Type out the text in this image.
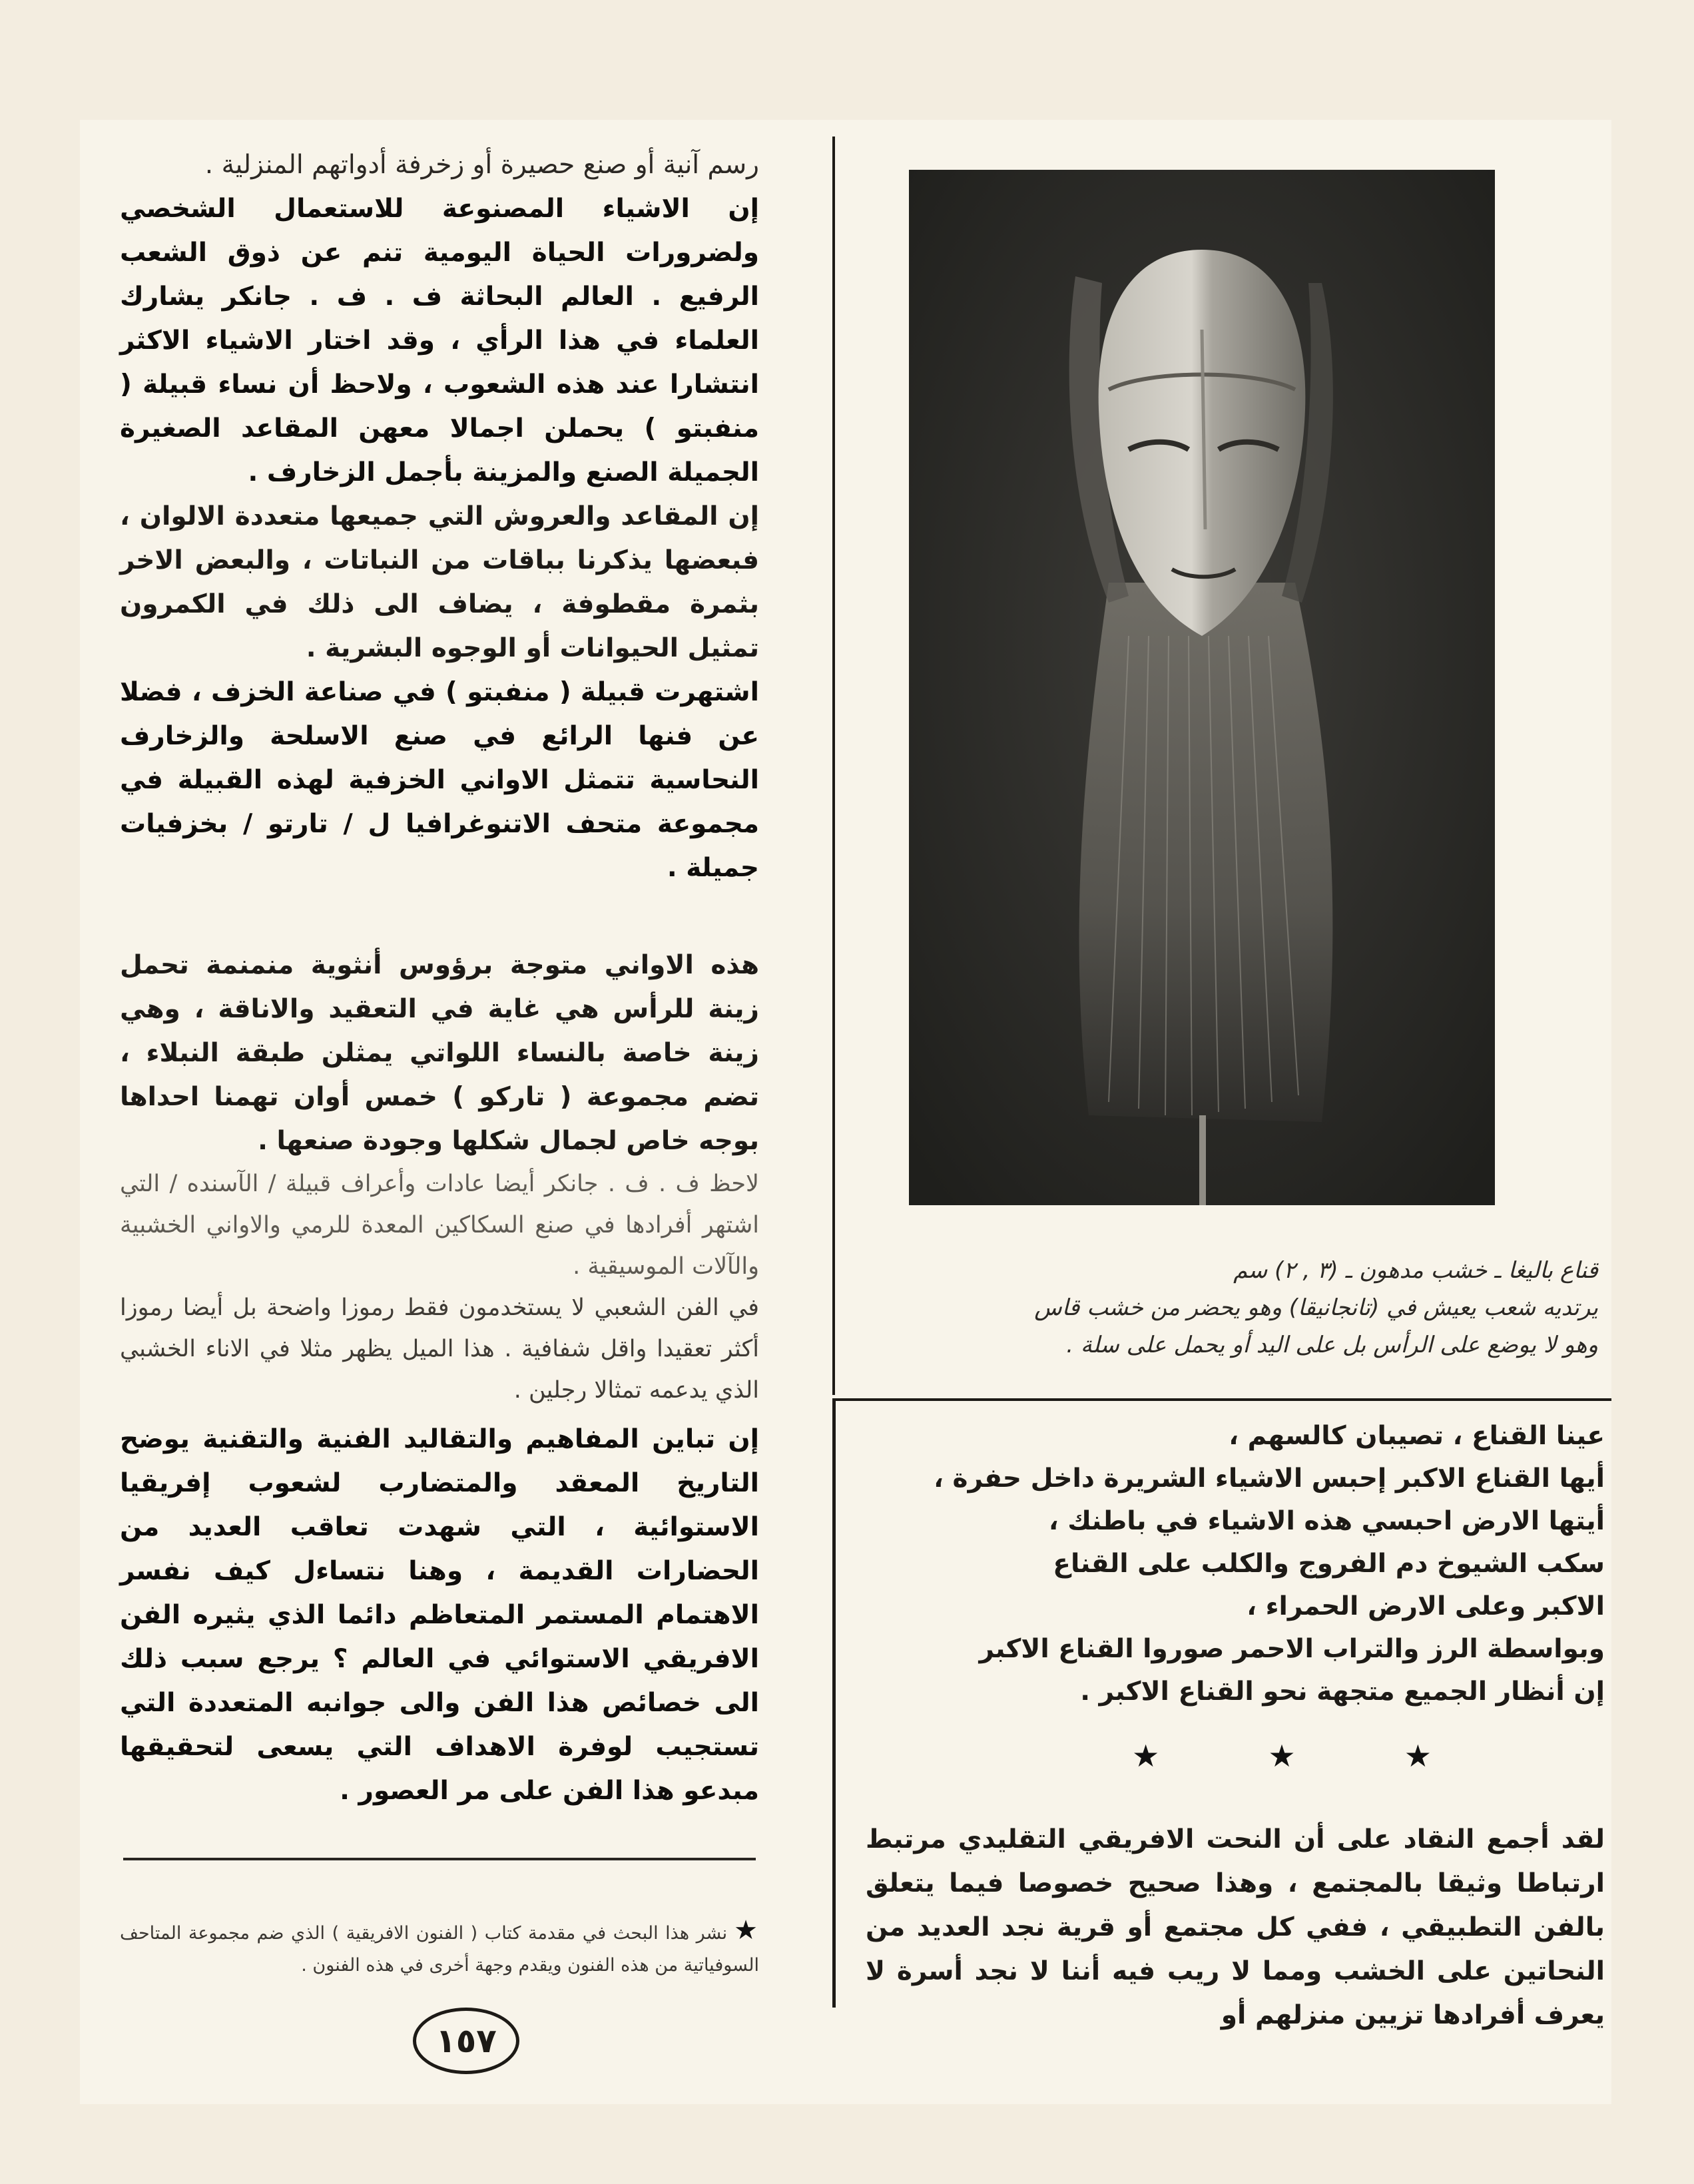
رسم آنية أو صنع حصيرة أو زخرفة أدواتهم المنزلية .

إن الاشياء المصنوعة للاستعمال الشخصي ولضرورات الحياة اليومية تنم عن ذوق الشعب الرفيع . العالم البحاثة ف . ف . جانكر يشارك العلماء في هذا الرأي ، وقد اختار الاشياء الاكثر انتشارا عند هذه الشعوب ، ولاحظ أن نساء قبيلة ( منفبتو ) يحملن اجمالا معهن المقاعد الصغيرة الجميلة الصنع والمزينة بأجمل الزخارف .

إن المقاعد والعروش التي جميعها متعددة الالوان ، فبعضها يذكرنا بباقات من النباتات ، والبعض الاخر بثمرة مقطوفة ، يضاف الى ذلك في الكمرون تمثيل الحيوانات أو الوجوه البشرية .

اشتهرت قبيلة ( منفبتو ) في صناعة الخزف ، فضلا عن فنها الرائع في صنع الاسلحة والزخارف النحاسية تتمثل الاواني الخزفية لهذه القبيلة في مجموعة متحف الاتنوغرافيا ل / تارتو / بخزفيات جميلة .

هذه الاواني متوجة برؤوس أنثوية منمنمة تحمل زينة للرأس هي غاية في التعقيد والاناقة ، وهي زينة خاصة بالنساء اللواتي يمثلن طبقة النبلاء ، تضم مجموعة ( تاركو ) خمس أوان تهمنا احداها بوجه خاص لجمال شكلها وجودة صنعها .

لاحظ ف . ف . جانكر أيضا عادات وأعراف قبيلة / الآسنده / التي اشتهر أفرادها في صنع السكاكين المعدة للرمي والاواني الخشبية والآلات الموسيقية .

في الفن الشعبي لا يستخدمون فقط رموزا واضحة بل أيضا رموزا أكثر تعقيدا واقل شفافية . هذا الميل يظهر مثلا في الاناء الخشبي الذي يدعمه تمثالا رجلين .

إن تباين المفاهيم والتقاليد الفنية والتقنية يوضح التاريخ المعقد والمتضارب لشعوب إفريقيا الاستوائية ، التي شهدت تعاقب العديد من الحضارات القديمة ، وهنا نتساءل كيف نفسر الاهتمام المستمر المتعاظم دائما الذي يثيره الفن الافريقي الاستوائي في العالم ؟ يرجع سبب ذلك الى خصائص هذا الفن والى جوانبه المتعددة التي تستجيب لوفرة الاهداف التي يسعى لتحقيقها مبدعو هذا الفن على مر العصور .

★نشر هذا البحث في مقدمة كتاب ( الفنون الافريقية ) الذي ضم مجموعة المتاحف السوفياتية من هذه الفنون ويقدم وجهة أخرى في هذه الفنون .
١٥٧
قناع باليغا ـ خشب مدهون ـ (٣ , ٢) سم
يرتديه شعب يعيش في (تانجانيقا) وهو يحضر من خشب قاس
وهو لا يوضع على الرأس بل على اليد أو يحمل على سلة .
عينا القناع ، تصيبان كالسهم ،
أيها القناع الاكبر إحبس الاشياء الشريرة داخل حفرة ،
أيتها الارض احبسي هذه الاشياء في باطنك ،
سكب الشيوخ دم الفروج والكلب على القناع
الاكبر وعلى الارض الحمراء ،
وبواسطة الرز والتراب الاحمر صوروا القناع الاكبر
إن أنظار الجميع متجهة نحو القناع الاكبر .
★	★	★
لقد أجمع النقاد على أن النحت الافريقي التقليدي مرتبط ارتباطا وثيقا بالمجتمع ، وهذا صحيح خصوصا فيما يتعلق بالفن التطبيقي ، ففي كل مجتمع أو قرية نجد العديد من النحاتين على الخشب ومما لا ريب فيه أننا لا نجد أسرة لا يعرف أفرادها تزيين منزلهم أو
